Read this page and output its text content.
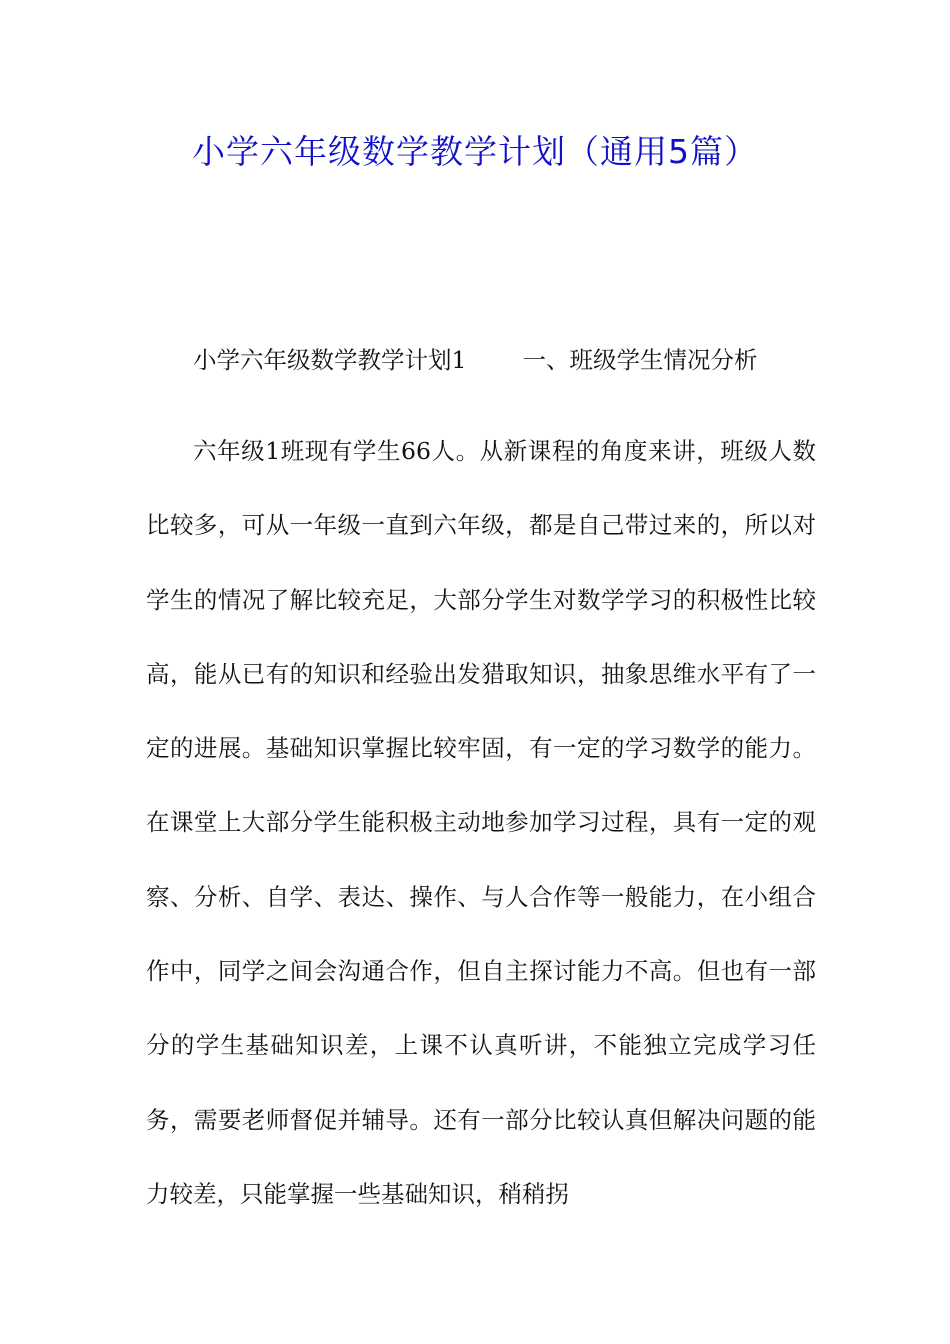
小学六年级数学教学计划（通用5篇）
小学六年级数学教学计划1 一、班级学生情况分析

六年级1班现有学生66人。从新课程的角度来讲，班级人数比较多，可从一年级一直到六年级，都是自己带过来的，所以对学生的情况了解比较充足，大部分学生对数学学习的积极性比较高，能从已有的知识和经验出发猎取知识，抽象思维水平有了一定的进展。基础知识掌握比较牢固，有一定的学习数学的能力。在课堂上大部分学生能积极主动地参加学习过程，具有一定的观察、分析、自学、表达、操作、与人合作等一般能力，在小组合作中，同学之间会沟通合作，但自主探讨能力不高。但也有一部分的学生基础知识差，上课不认真听讲，不能独立完成学习任务，需要老师督促并辅导。还有一部分比较认真但解决问题的能力较差，只能掌握一些基础知识，稍稍拐
